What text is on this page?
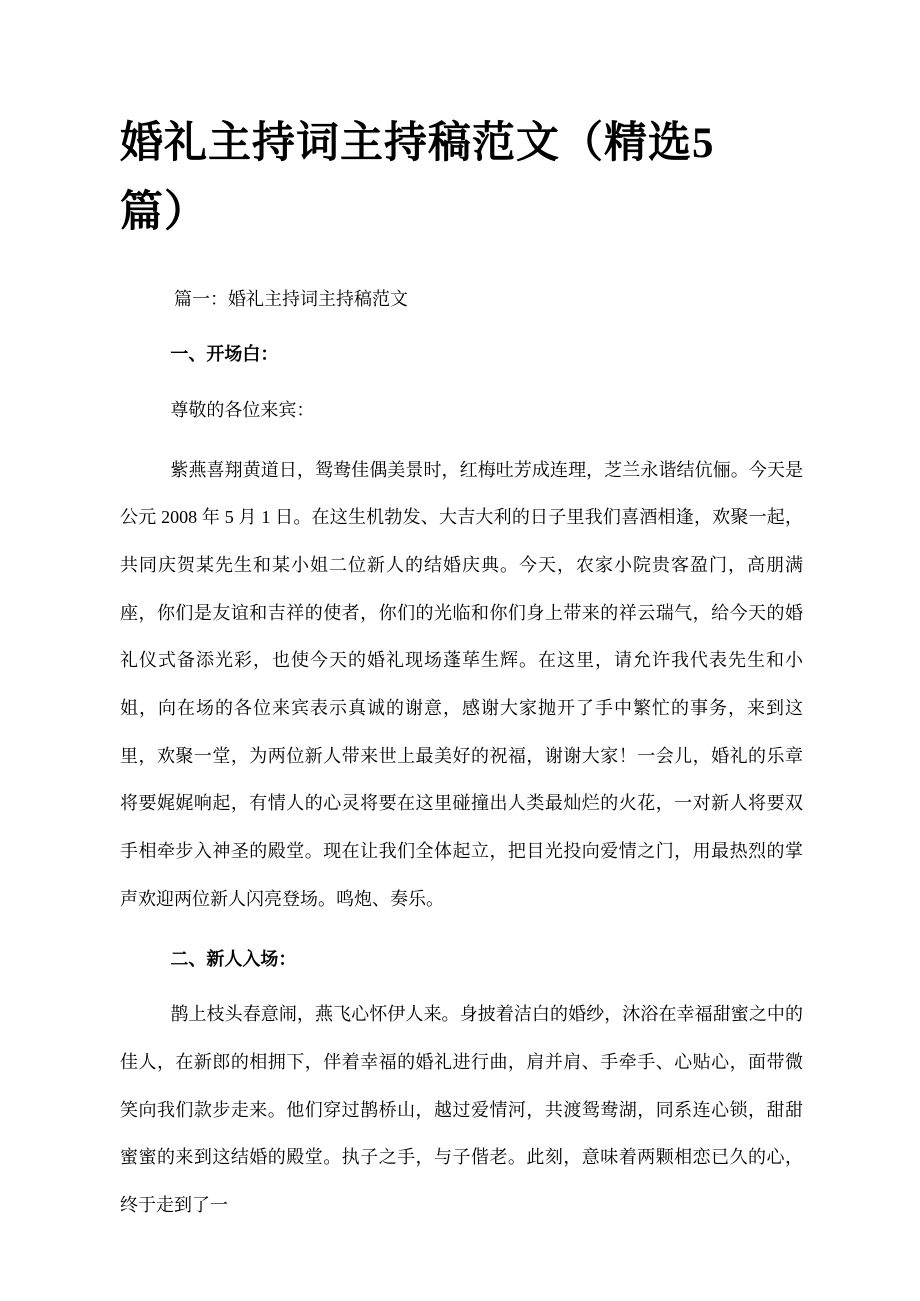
婚礼主持词主持稿范文（精选5篇）

篇一：婚礼主持词主持稿范文

一、开场白：

尊敬的各位来宾：

紫燕喜翔黄道日，鸳鸯佳偶美景时，红梅吐芳成连理，芝兰永谐结伉俪。今天是公元 2008 年 5 月 1 日。在这生机勃发、大吉大利的日子里我们喜酒相逢，欢聚一起，共同庆贺某先生和某小姐二位新人的结婚庆典。今天，农家小院贵客盈门，高朋满座，你们是友谊和吉祥的使者，你们的光临和你们身上带来的祥云瑞气，给今天的婚礼仪式备添光彩，也使今天的婚礼现场蓬荜生辉。在这里，请允许我代表先生和小姐，向在场的各位来宾表示真诚的谢意，感谢大家抛开了手中繁忙的事务，来到这里，欢聚一堂，为两位新人带来世上最美好的祝福，谢谢大家！一会儿，婚礼的乐章将要娓娓响起，有情人的心灵将要在这里碰撞出人类最灿烂的火花，一对新人将要双手相牵步入神圣的殿堂。现在让我们全体起立，把目光投向爱情之门，用最热烈的掌声欢迎两位新人闪亮登场。鸣炮、奏乐。

二、新人入场：

鹊上枝头春意闹，燕飞心怀伊人来。身披着洁白的婚纱，沐浴在幸福甜蜜之中的佳人，在新郎的相拥下，伴着幸福的婚礼进行曲，肩并肩、手牵手、心贴心，面带微笑向我们款步走来。他们穿过鹊桥山，越过爱情河，共渡鸳鸯湖，同系连心锁，甜甜蜜蜜的来到这结婚的殿堂。执子之手，与子偕老。此刻，意味着两颗相恋已久的心，终于走到了一
